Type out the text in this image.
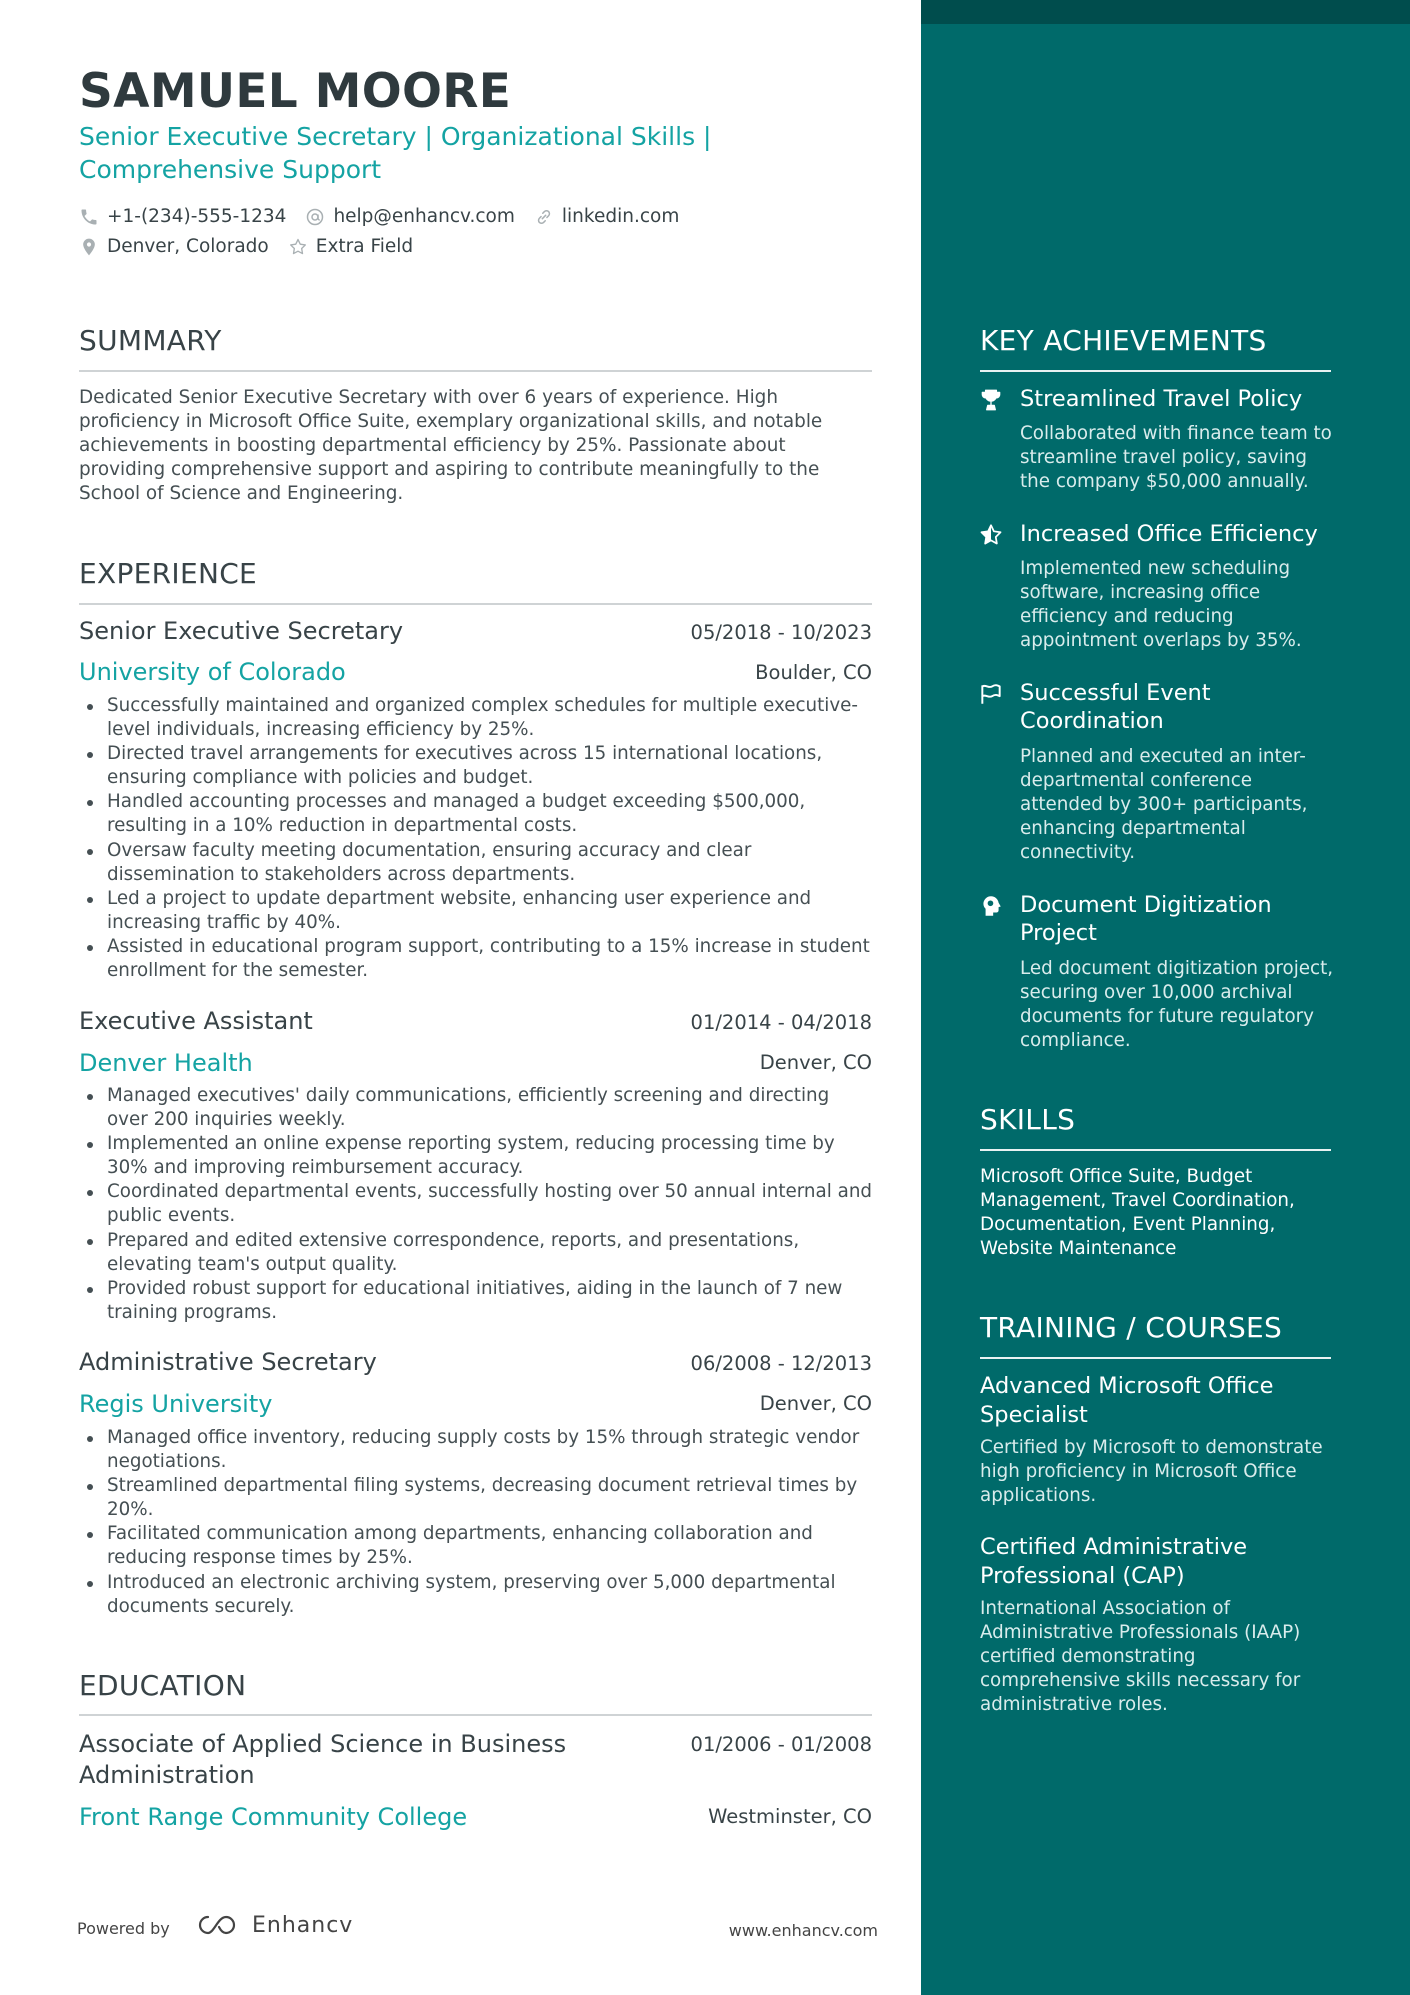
SAMUEL MOORE
Senior Executive Secretary | Organizational Skills | Comprehensive Support
+1-(234)-555-1234	help@enhancv.com	linkedin.com
Denver, Colorado	Extra Field
SUMMARY
Dedicated Senior Executive Secretary with over 6 years of experience. High proficiency in Microsoft Office Suite, exemplary organizational skills, and notable achievements in boosting departmental efficiency by 25%. Passionate about providing comprehensive support and aspiring to contribute meaningfully to the School of Science and Engineering.
EXPERIENCE
Senior Executive Secretary	05/2018 - 10/2023
University of Colorado	Boulder, CO
Successfully maintained and organized complex schedules for multiple executive-level individuals, increasing efficiency by 25%.
Directed travel arrangements for executives across 15 international locations, ensuring compliance with policies and budget.
Handled accounting processes and managed a budget exceeding $500,000, resulting in a 10% reduction in departmental costs.
Oversaw faculty meeting documentation, ensuring accuracy and clear dissemination to stakeholders across departments.
Led a project to update department website, enhancing user experience and increasing traffic by 40%.
Assisted in educational program support, contributing to a 15% increase in student enrollment for the semester.
Executive Assistant	01/2014 - 04/2018
Denver Health	Denver, CO
Managed executives' daily communications, efficiently screening and directing over 200 inquiries weekly.
Implemented an online expense reporting system, reducing processing time by 30% and improving reimbursement accuracy.
Coordinated departmental events, successfully hosting over 50 annual internal and public events.
Prepared and edited extensive correspondence, reports, and presentations, elevating team's output quality.
Provided robust support for educational initiatives, aiding in the launch of 7 new training programs.
Administrative Secretary	06/2008 - 12/2013
Regis University	Denver, CO
Managed office inventory, reducing supply costs by 15% through strategic vendor negotiations.
Streamlined departmental filing systems, decreasing document retrieval times by 20%.
Facilitated communication among departments, enhancing collaboration and reducing response times by 25%.
Introduced an electronic archiving system, preserving over 5,000 departmental documents securely.
EDUCATION
Associate of Applied Science in Business Administration
01/2006 - 01/2008
Front Range Community College	Westminster, CO
Powered by	Enhancv	www.enhancv.com
KEY ACHIEVEMENTS
Streamlined Travel Policy
Collaborated with finance team to streamline travel policy, saving the company $50,000 annually.
Increased Office Efficiency
Implemented new scheduling software, increasing office efficiency and reducing appointment overlaps by 35%.
Successful Event Coordination
Planned and executed an inter-departmental conference attended by 300+ participants, enhancing departmental connectivity.
Document Digitization Project
Led document digitization project, securing over 10,000 archival documents for future regulatory compliance.
SKILLS
Microsoft Office Suite, Budget Management, Travel Coordination, Documentation, Event Planning, Website Maintenance
TRAINING / COURSES
Advanced Microsoft Office Specialist
Certified by Microsoft to demonstrate high proficiency in Microsoft Office applications.
Certified Administrative Professional (CAP)
International Association of Administrative Professionals (IAAP) certified demonstrating comprehensive skills necessary for administrative roles.
